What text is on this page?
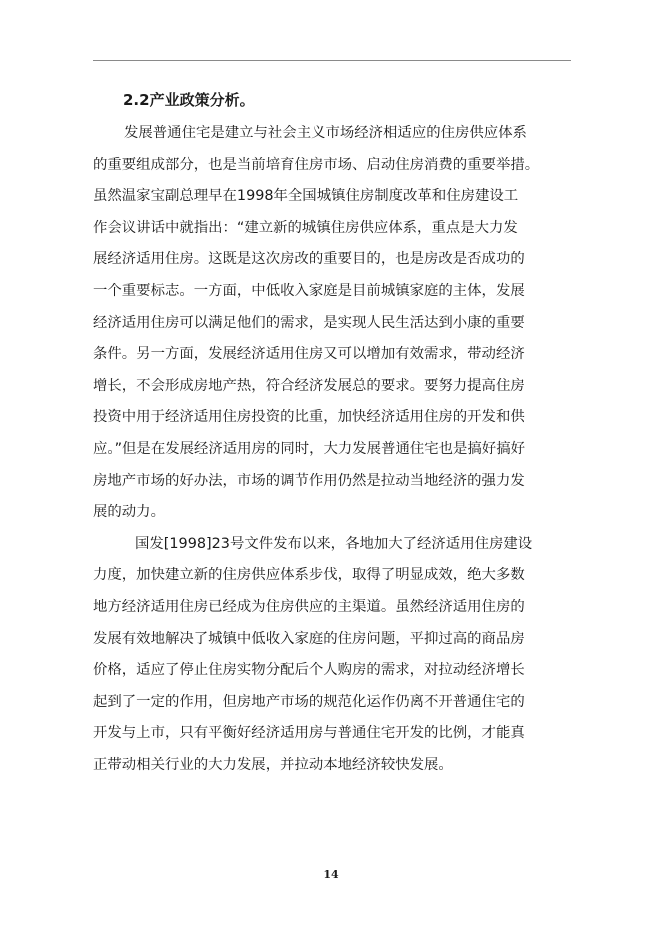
2.2产业政策分析。

发展普通住宅是建立与社会主义市场经济相适应的住房供应体系
的重要组成部分，也是当前培育住房市场、启动住房消费的重要举措。
虽然温家宝副总理早在1998年全国城镇住房制度改革和住房建设工
作会议讲话中就指出：“建立新的城镇住房供应体系，重点是大力发
展经济适用住房。这既是这次房改的重要目的，也是房改是否成功的
一个重要标志。一方面，中低收入家庭是目前城镇家庭的主体，发展
经济适用住房可以满足他们的需求，是实现人民生活达到小康的重要
条件。另一方面，发展经济适用住房又可以增加有效需求，带动经济
增长，不会形成房地产热，符合经济发展总的要求。要努力提高住房
投资中用于经济适用住房投资的比重，加快经济适用住房的开发和供
应。”但是在发展经济适用房的同时，大力发展普通住宅也是搞好搞好
房地产市场的好办法，市场的调节作用仍然是拉动当地经济的强力发
展的动力。

国发[1998]23号文件发布以来，各地加大了经济适用住房建设
力度，加快建立新的住房供应体系步伐，取得了明显成效，绝大多数
地方经济适用住房已经成为住房供应的主渠道。虽然经济适用住房的
发展有效地解决了城镇中低收入家庭的住房问题，平抑过高的商品房
价格，适应了停止住房实物分配后个人购房的需求，对拉动经济增长
起到了一定的作用，但房地产市场的规范化运作仍离不开普通住宅的
开发与上市，只有平衡好经济适用房与普通住宅开发的比例，才能真
正带动相关行业的大力发展，并拉动本地经济较快发展。

14
